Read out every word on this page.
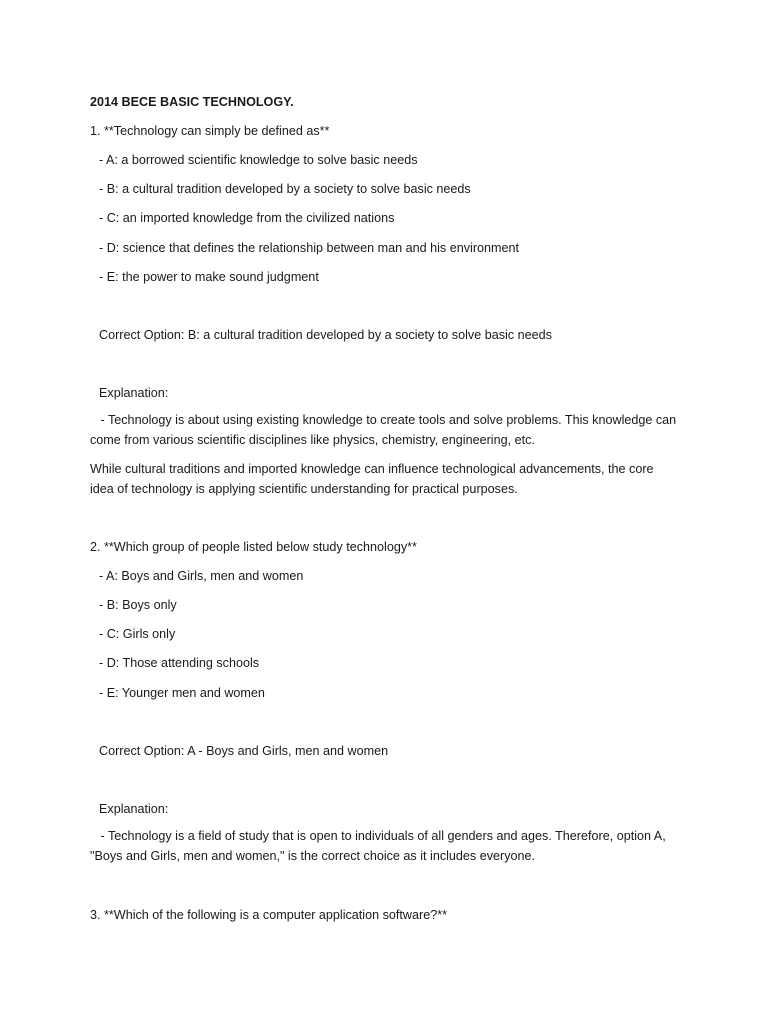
2014 BECE BASIC TECHNOLOGY.
1. **Technology can simply be defined as**
- A: a borrowed scientific knowledge to solve basic needs
- B: a cultural tradition developed by a society to solve basic needs
- C: an imported knowledge from the civilized nations
- D: science that defines the relationship between man and his environment
- E: the power to make sound judgment
Correct Option: B: a cultural tradition developed by a society to solve basic needs
Explanation:
- Technology is about using existing knowledge to create tools and solve problems. This knowledge can come from various scientific disciplines like physics, chemistry, engineering, etc.
While cultural traditions and imported knowledge can influence technological advancements, the core idea of technology is applying scientific understanding for practical purposes.
2. **Which group of people listed below study technology**
- A: Boys and Girls, men and women
- B: Boys only
- C: Girls only
- D: Those attending schools
- E: Younger men and women
Correct Option: A - Boys and Girls, men and women
Explanation:
- Technology is a field of study that is open to individuals of all genders and ages. Therefore, option A, "Boys and Girls, men and women," is the correct choice as it includes everyone.
3. **Which of the following is a computer application software?**
